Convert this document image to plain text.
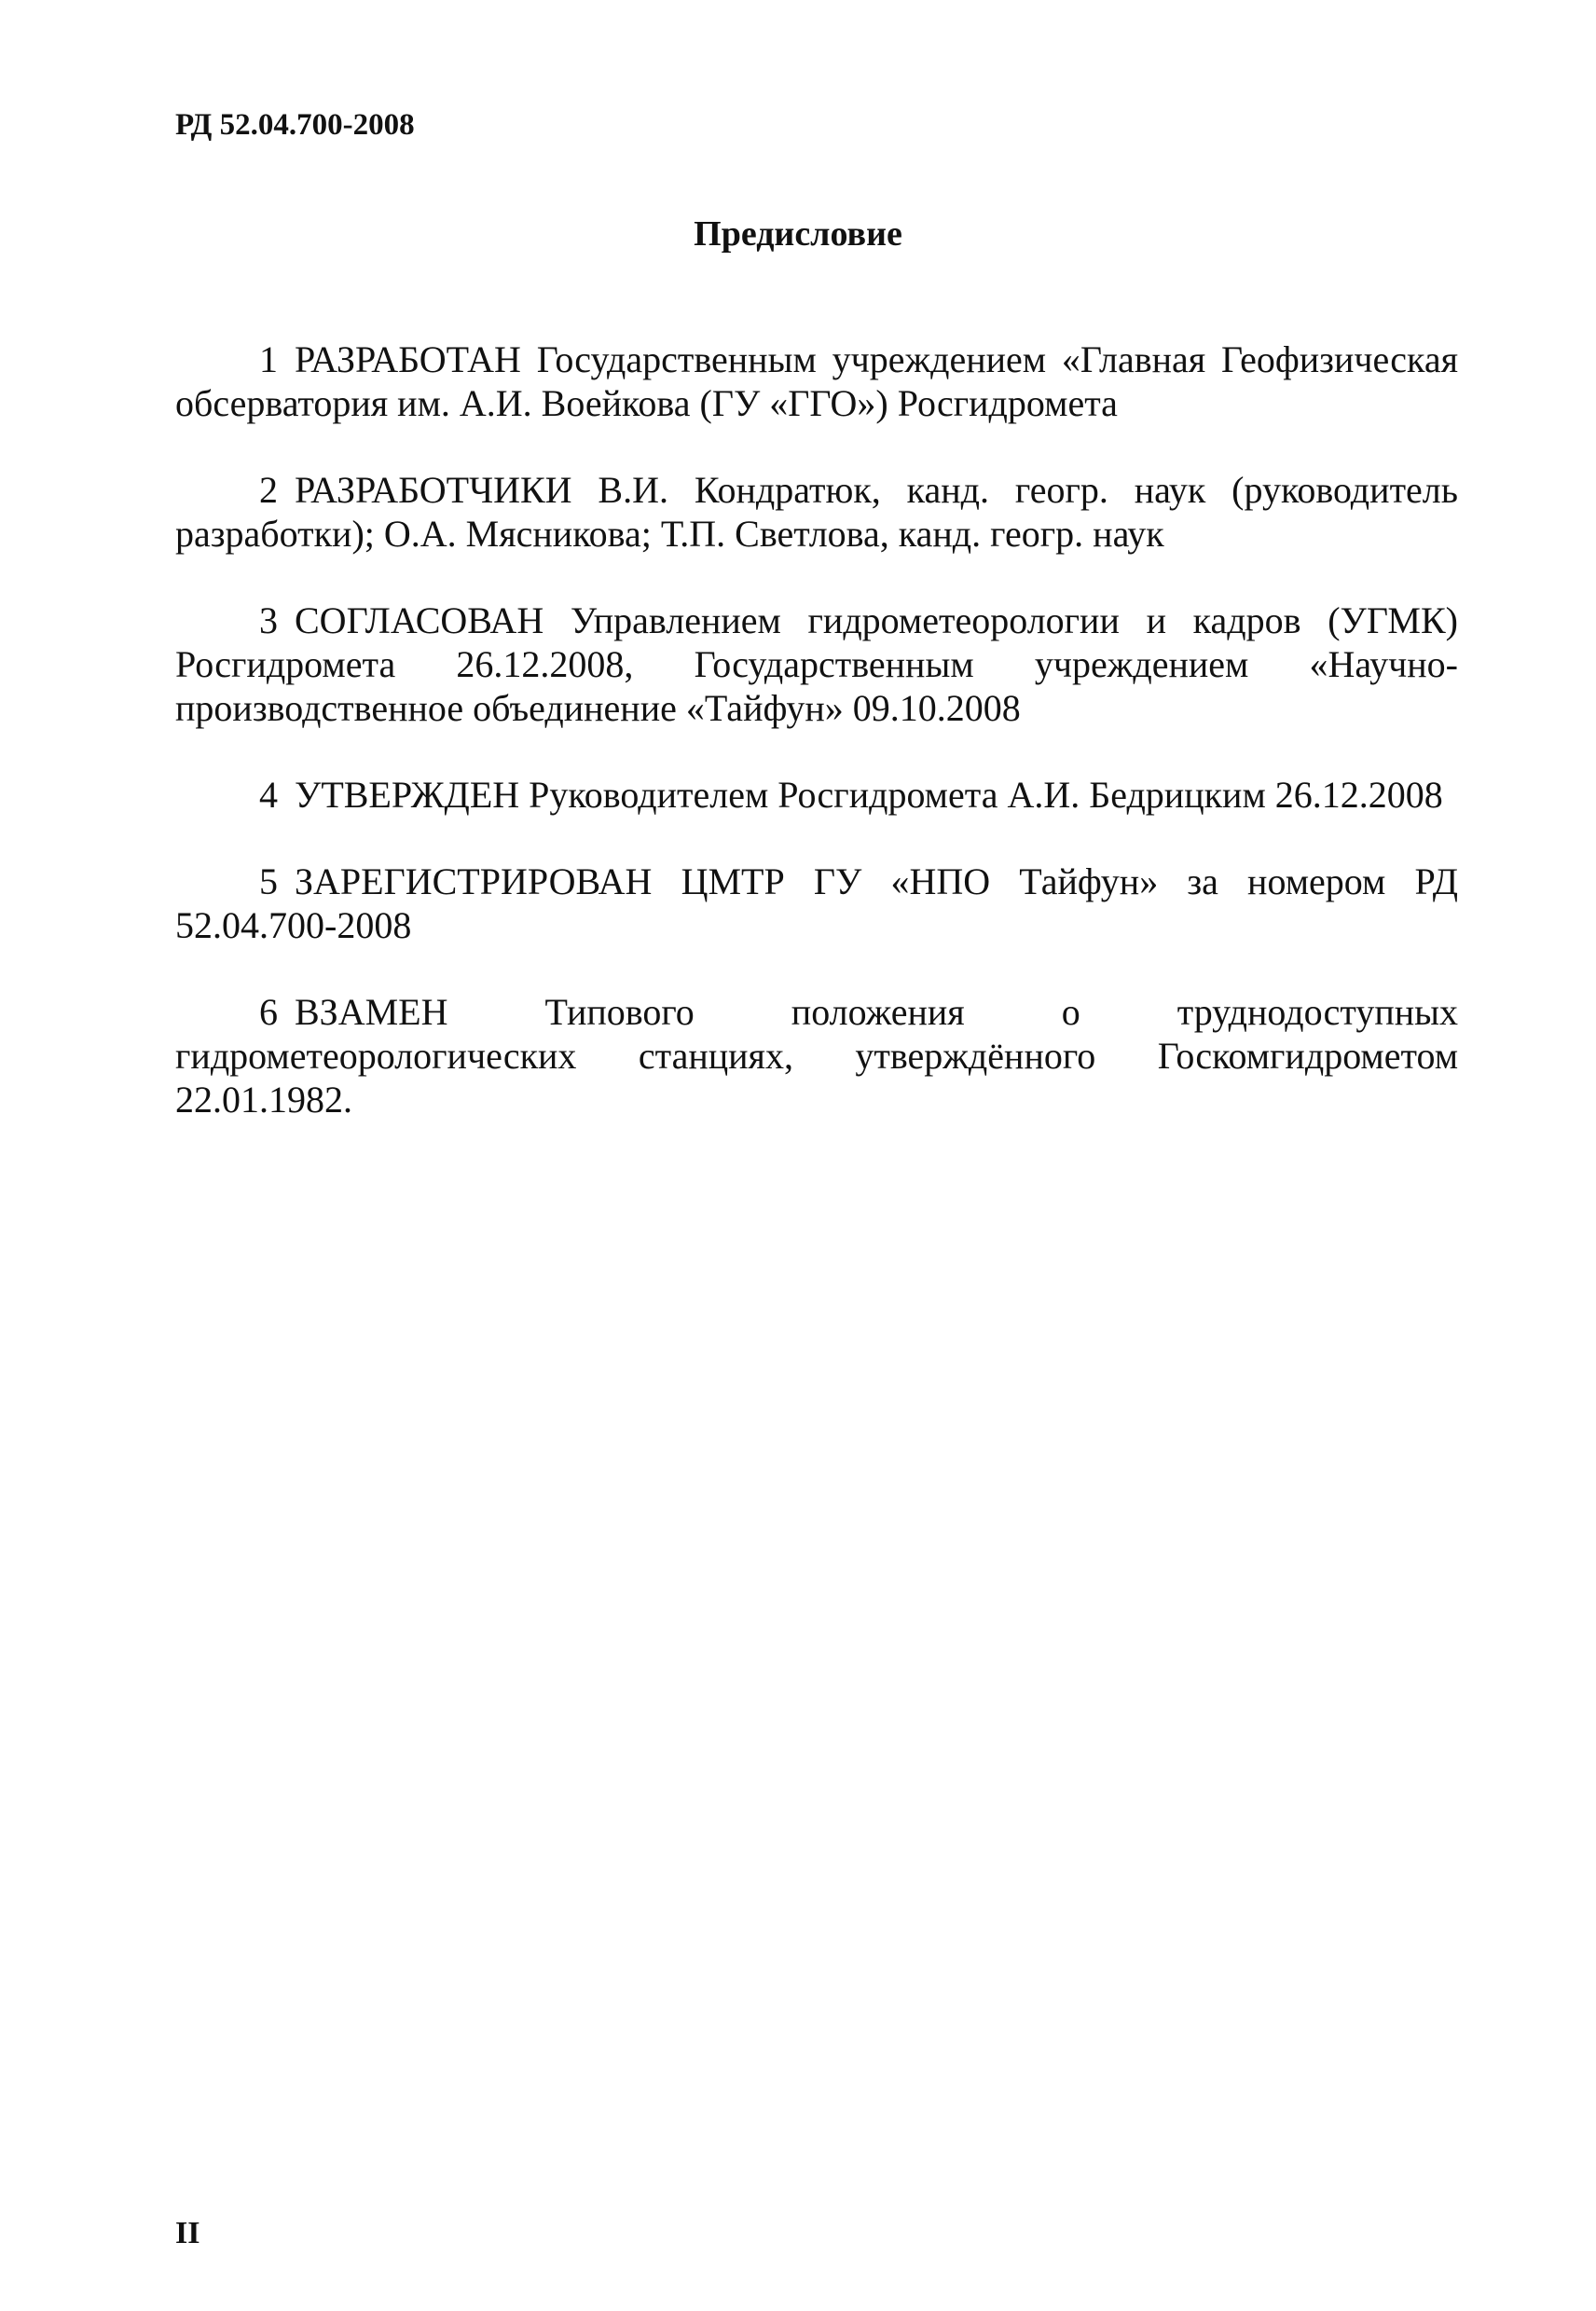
РД 52.04.700-2008

Предисловие

1 РАЗРАБОТАН Государственным учреждением «Главная Геофизическая обсерватория им. А.И. Воейкова (ГУ «ГГО») Росгидромета

2 РАЗРАБОТЧИКИ В.И. Кондратюк, канд. геогр. наук (руководитель разработки); О.А. Мясникова; Т.П. Светлова, канд. геогр. наук

3 СОГЛАСОВАН Управлением гидрометеорологии и кадров (УГМК) Росгидромета 26.12.2008, Государственным учреждением «Научно-производственное объединение «Тайфун» 09.10.2008

4 УТВЕРЖДЕН Руководителем Росгидромета А.И. Бедрицким 26.12.2008

5 ЗАРЕГИСТРИРОВАН ЦМТР ГУ «НПО Тайфун» за номером РД 52.04.700-2008

6 ВЗАМЕН Типового положения о труднодоступных гидрометеорологических станциях, утверждённого Госкомгидрометом 22.01.1982.

II
